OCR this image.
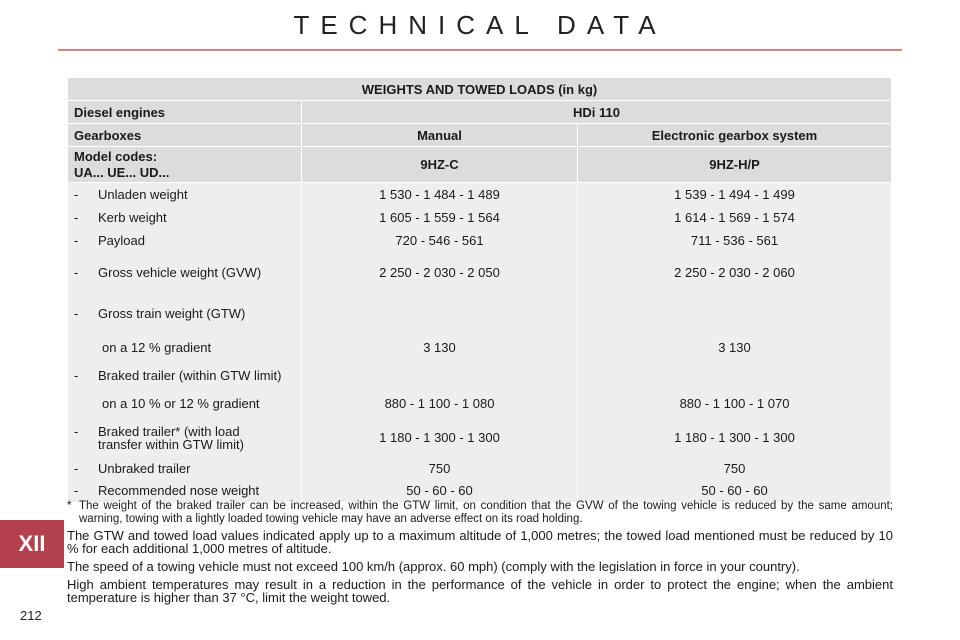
TECHNICAL DATA
XII
212
WEIGHTS AND TOWED LOADS (in kg)		
Diesel engines	HDi 110	
Gearboxes	Manual	Electronic gearbox system
Model codes:
UA... UE... UD...	9HZ-C	9HZ-H/P
- Unladen weight	1 530 - 1 484 - 1 489	1 539 - 1 494 - 1 499
- Kerb weight	1 605 - 1 559 - 1 564	1 614 - 1 569 - 1 574
- Payload	720 - 546 - 561	711 - 536 - 561
- Gross vehicle weight (GVW)	2 250 - 2 030 - 2 050	2 250 - 2 030 - 2 060
- Gross train weight (GTW)		
on a 12 % gradient	3 130	3 130
- Braked trailer (within GTW limit)		
on a 10 % or 12 % gradient	880 - 1 100 - 1 080	880 - 1 100 - 1 070

- Braked trailer* (with load
transfer within GTW limit)	1 180 - 1 300 - 1 300	1 180 - 1 300 - 1 300
- Unbraked trailer	750	750
- Recommended nose weight	50 - 60 - 60	50 - 60 - 60
* The weight of the braked trailer can be increased, within the GTW limit, on condition that the GVW of the towing vehicle is reduced by the same amount; warning, towing with a lightly loaded towing vehicle may have an adverse effect on its road holding.

The GTW and towed load values indicated apply up to a maximum altitude of 1,000 metres; the towed load mentioned must be reduced by 10 % for each additional 1,000 metres of altitude.

The speed of a towing vehicle must not exceed 100 km/h (approx. 60 mph) (comply with the legislation in force in your country).

High ambient temperatures may result in a reduction in the performance of the vehicle in order to protect the engine; when the ambient temperature is higher than 37 °C, limit the weight towed.
